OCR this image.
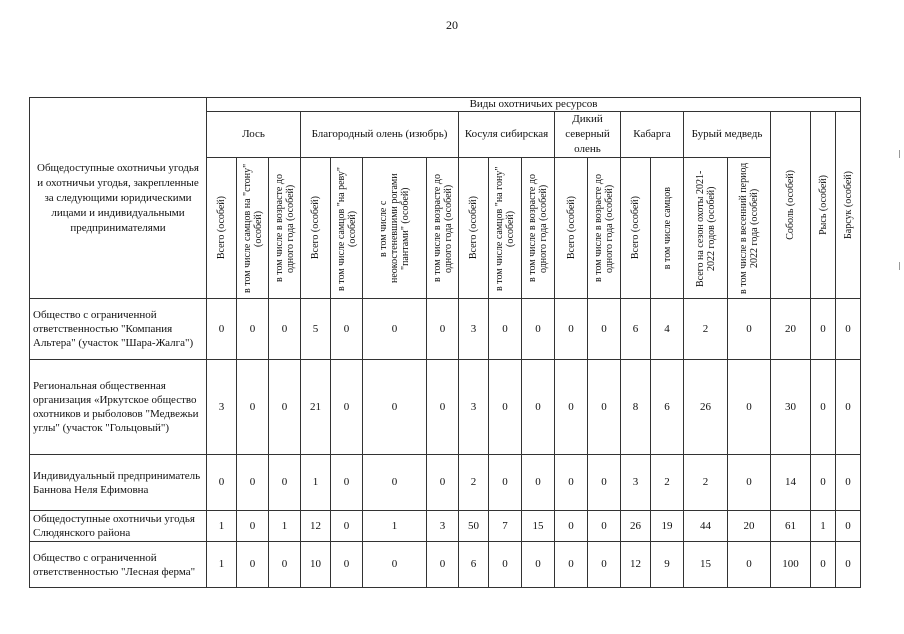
20
Общедоступные охотничьи угодья и охотничьи угодья, закрепленные за следующими юридическими лицами и индивидуальными предпринимателями	Виды охотничьих ресурсов																		
	Лось			Благородный олень (изюбрь)				Косуля сибирская			Дикий северный олень		Кабарга		Бурый медведь		Соболь (особей)	Рысь (особей)	Барсук (особей)

	Всего (особей)	в том числе самцов на "стону" (особей)	в том числе в возрасте до одного года (особей)	Всего (особей)	в том числе самцов "на реву" (особей)	в том числе с неокостеневшими рогами "пантами" (особей)	в том числе в возрасте до одного года (особей)	Всего (особей)	в том числе самцов "на гону" (особей)	в том числе в возрасте до одного года (особей)	Всего (особей)	в том числе в возрасте до одного года (особей)	Всего (особей)	в том числе самцов	Всего на сезон охоты 2021-2022 годов (особей)	в том числе в весенний период 2022 года (особей)			

Общество с ограниченной ответственностью "Компания Альтера" (участок "Шара-Жалга")	0	0	0	5	0	0	0	3	0	0	0	0	6	4	2	0	20	0	0
Региональная общественная организация «Иркутское общество охотников и рыболовов "Медвежьи углы" (участок "Гольцовый")	3	0	0	21	0	0	0	3	0	0	0	0	8	6	26	0	30	0	0
Индивидуальный предприниматель Баннова Неля Ефимовна	0	0	0	1	0	0	0	2	0	0	0	0	3	2	2	0	14	0	0
Общедоступные охотничьи угодья Слюдянского района	1	0	1	12	0	1	3	50	7	15	0	0	26	19	44	20	61	1	0
Общество с ограниченной ответственностью "Лесная ферма"	1	0	0	10	0	0	0	6	0	0	0	0	12	9	15	0	100	0	0
